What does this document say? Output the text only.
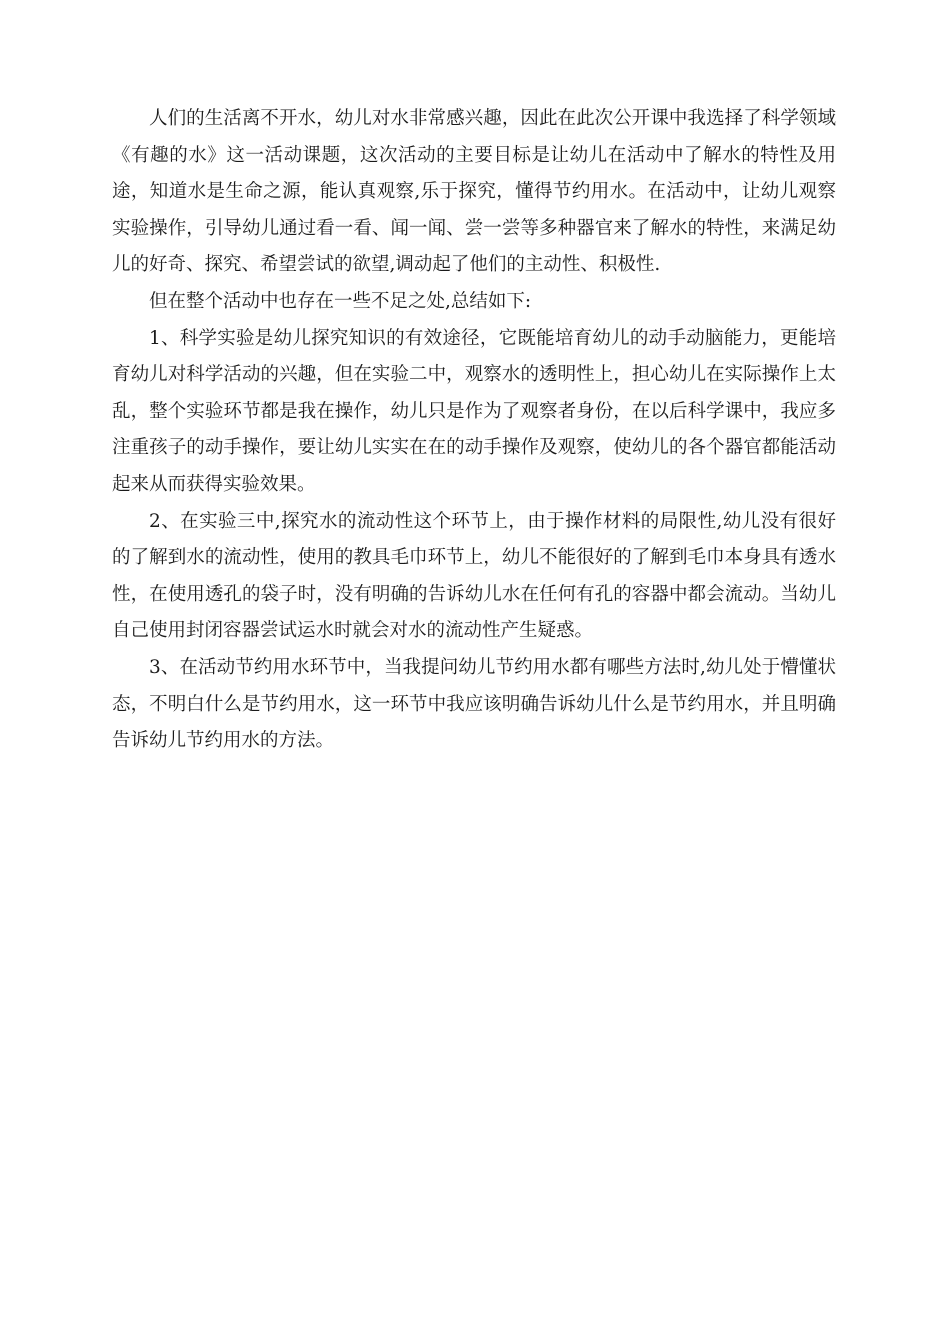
人们的生活离不开水，幼儿对水非常感兴趣，因此在此次公开课中我选择了科学领域《有趣的水》这一活动课题，这次活动的主要目标是让幼儿在活动中了解水的特性及用途，知道水是生命之源，能认真观察,乐于探究，懂得节约用水。在活动中，让幼儿观察实验操作，引导幼儿通过看一看、闻一闻、尝一尝等多种器官来了解水的特性，来满足幼儿的好奇、探究、希望尝试的欲望,调动起了他们的主动性、积极性.

但在整个活动中也存在一些不足之处,总结如下:

1、科学实验是幼儿探究知识的有效途径，它既能培育幼儿的动手动脑能力，更能培育幼儿对科学活动的兴趣，但在实验二中，观察水的透明性上，担心幼儿在实际操作上太乱，整个实验环节都是我在操作，幼儿只是作为了观察者身份，在以后科学课中，我应多注重孩子的动手操作，要让幼儿实实在在的动手操作及观察，使幼儿的各个器官都能活动起来从而获得实验效果。

2、在实验三中,探究水的流动性这个环节上，由于操作材料的局限性,幼儿没有很好的了解到水的流动性，使用的教具毛巾环节上，幼儿不能很好的了解到毛巾本身具有透水性，在使用透孔的袋子时，没有明确的告诉幼儿水在任何有孔的容器中都会流动。当幼儿自己使用封闭容器尝试运水时就会对水的流动性产生疑惑。

3、在活动节约用水环节中，当我提问幼儿节约用水都有哪些方法时,幼儿处于懵懂状态，不明白什么是节约用水，这一环节中我应该明确告诉幼儿什么是节约用水，并且明确告诉幼儿节约用水的方法。
